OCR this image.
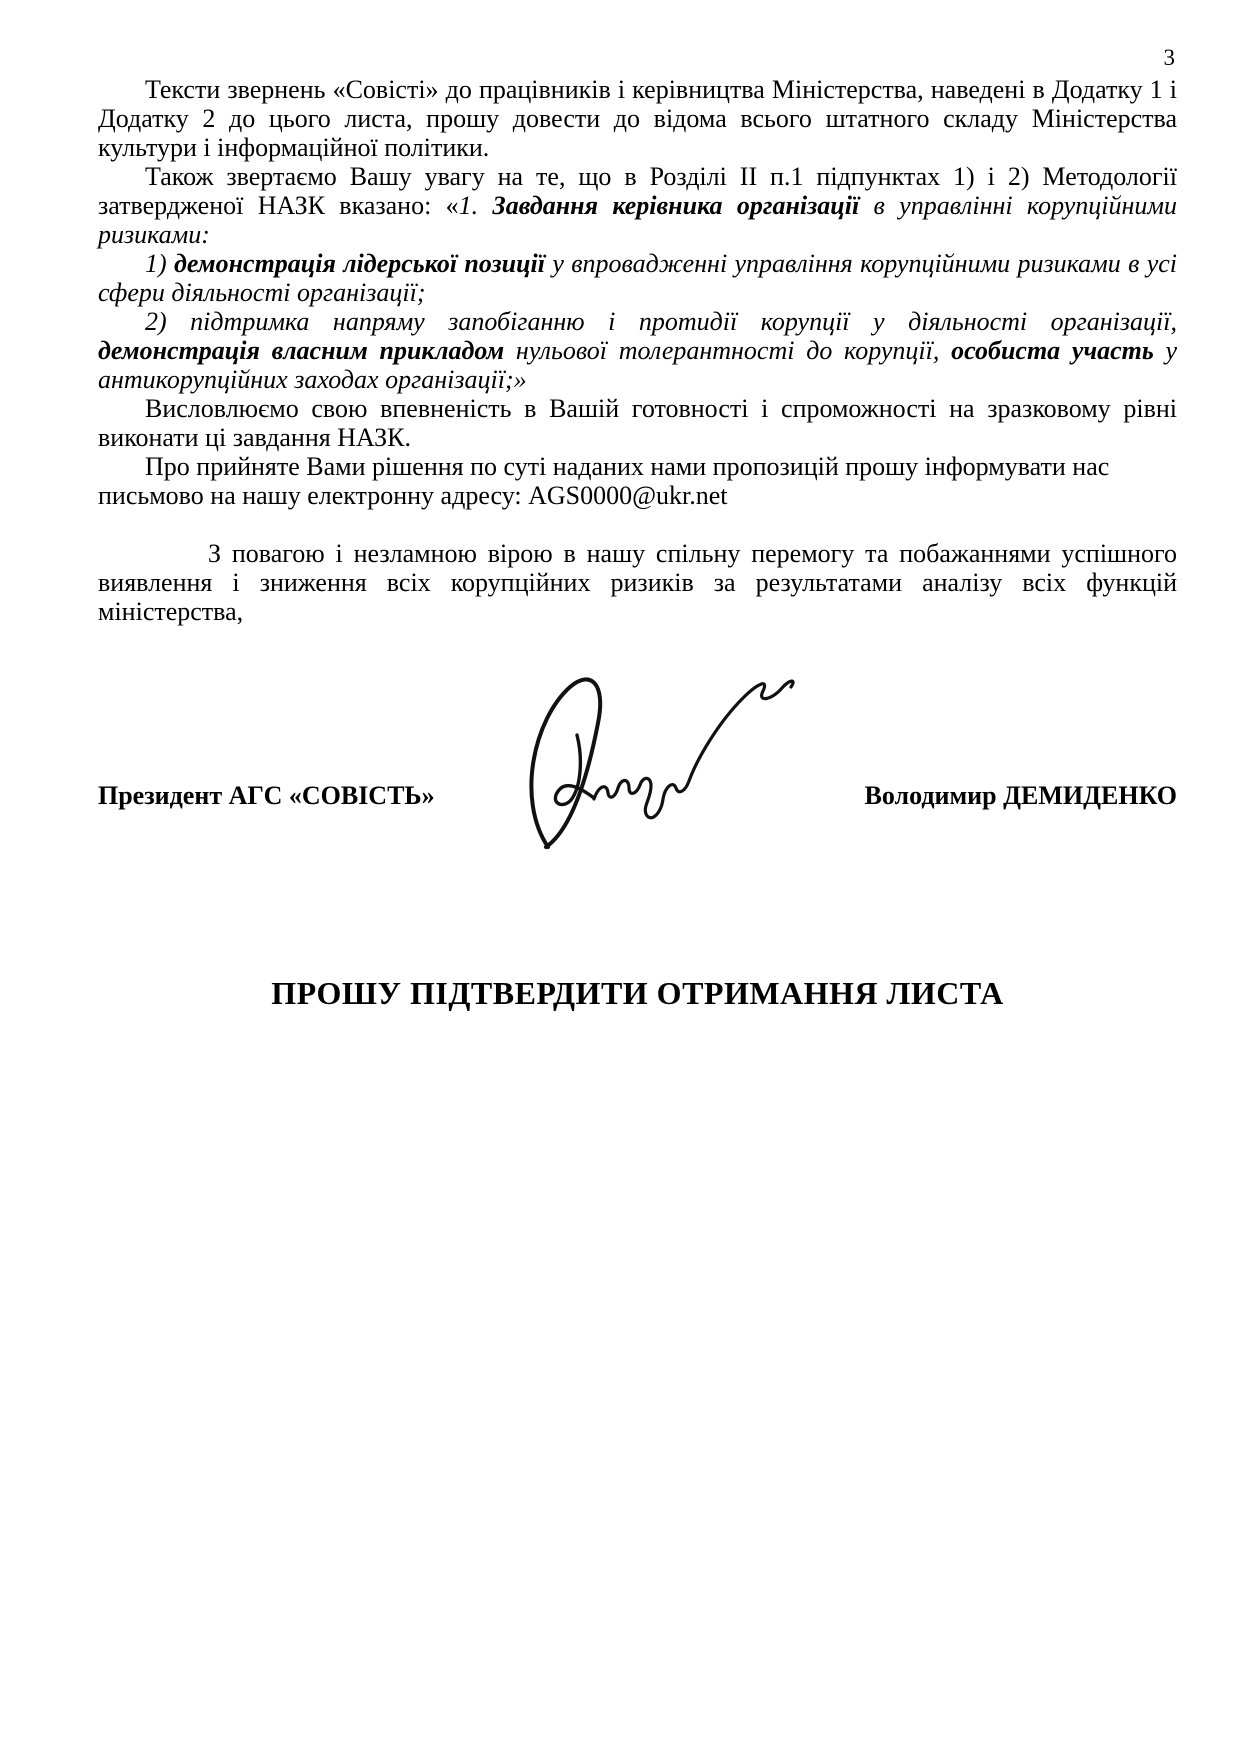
3

Тексти звернень «Совісті» до працівників і керівництва Міністерства, наведені в Додатку 1 і Додатку 2 до цього листа, прошу довести до відома всього штатного складу Міністерства культури і інформаційної політики.

Також звертаємо Вашу увагу на те, що в Розділі II п.1 підпунктах 1) і 2) Методології затвердженої НАЗК вказано: «1. Завдання керівника організації в управлінні корупційними ризиками:

1) демонстрація лідерської позиції у впровадженні управління корупційними ризиками в усі сфери діяльності організації;

2) підтримка напряму запобіганню і протидії корупції у діяльності організації, демонстрація власним прикладом нульової толерантності до корупції, особиста участь у антикорупційних заходах організації;»

Висловлюємо свою впевненість в Вашій готовності і спроможності на зразковому рівні виконати ці завдання НАЗК.

Про прийняте Вами рішення по суті наданих нами пропозицій прошу інформувати нас письмово на нашу електронну адресу: AGS0000@ukr.net

З повагою і незламною вірою в нашу спільну перемогу та побажаннями успішного виявлення і зниження всіх корупційних ризиків за результатами аналізу всіх функцій міністерства,

Президент АГС «СОВІСТЬ»	Володимир ДЕМИДЕНКО
ПРОШУ ПІДТВЕРДИТИ ОТРИМАННЯ ЛИСТА
